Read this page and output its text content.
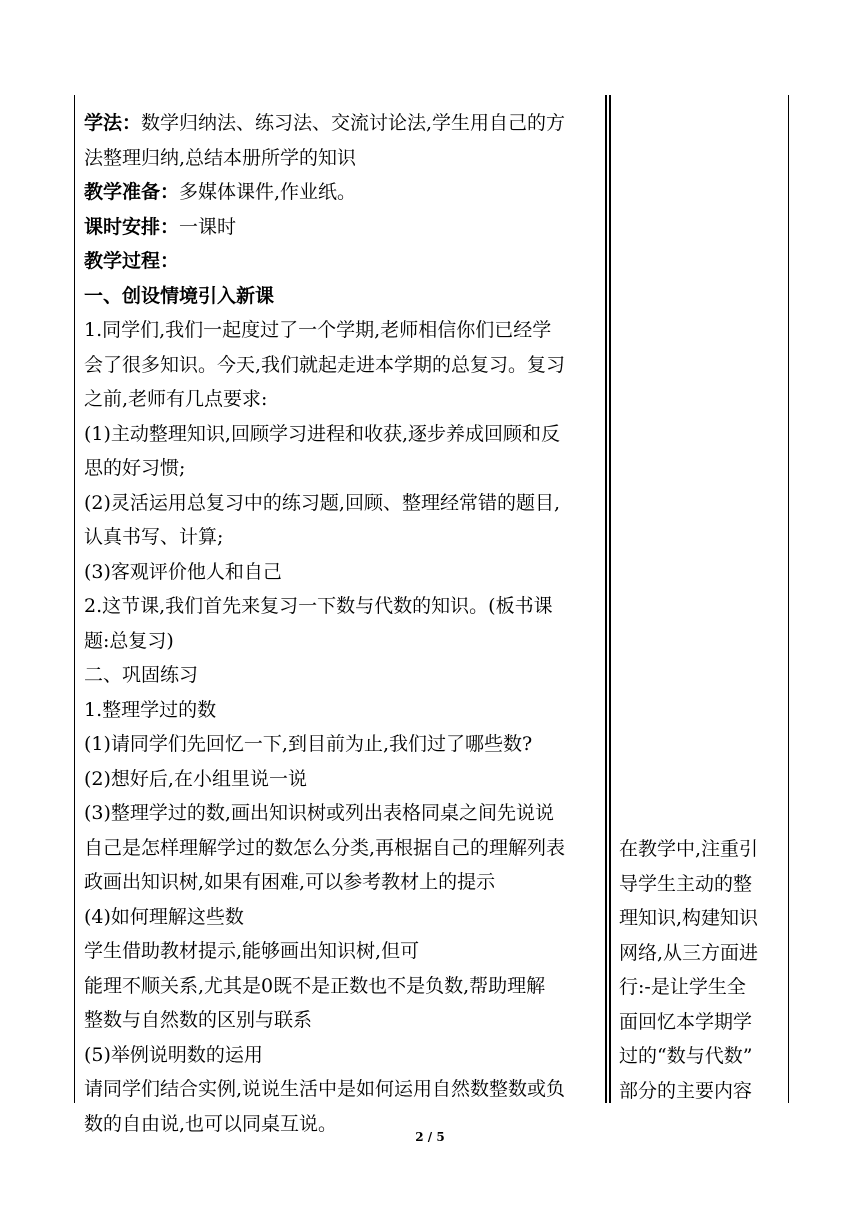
学法：数学归纳法、练习法、交流讨论法,学生用自己的方
法整理归纳,总结本册所学的知识
教学准备：多媒体课件,作业纸。
课时安排：一课时
教学过程：
一、创设情境引入新课
1.同学们,我们一起度过了一个学期,老师相信你们已经学
会了很多知识。今天,我们就起走进本学期的总复习。复习
之前,老师有几点要求:
(1)主动整理知识,回顾学习进程和收获,逐步养成回顾和反
思的好习惯;
(2)灵活运用总复习中的练习题,回顾、整理经常错的题目,
认真书写、计算;
(3)客观评价他人和自己
2.这节课,我们首先来复习一下数与代数的知识。(板书课
题:总复习)
二、巩固练习
1.整理学过的数
(1)请同学们先回忆一下,到目前为止,我们过了哪些数?
(2)想好后,在小组里说一说
(3)整理学过的数,画出知识树或列出表格同桌之间先说说
自己是怎样理解学过的数怎么分类,再根据自己的理解列表
政画出知识树,如果有困难,可以参考教材上的提示
(4)如何理解这些数
学生借助教材提示,能够画出知识树,但可
能理不顺关系,尤其是0既不是正数也不是负数,帮助理解
整数与自然数的区别与联系
(5)举例说明数的运用
请同学们结合实例,说说生活中是如何运用自然数整数或负
数的自由说,也可以同桌互说。
在教学中,注重引
导学生主动的整
理知识,构建知识
网络,从三方面进
行:-是让学生全
面回忆本学期学
过的“数与代数”
部分的主要内容
2 / 5
